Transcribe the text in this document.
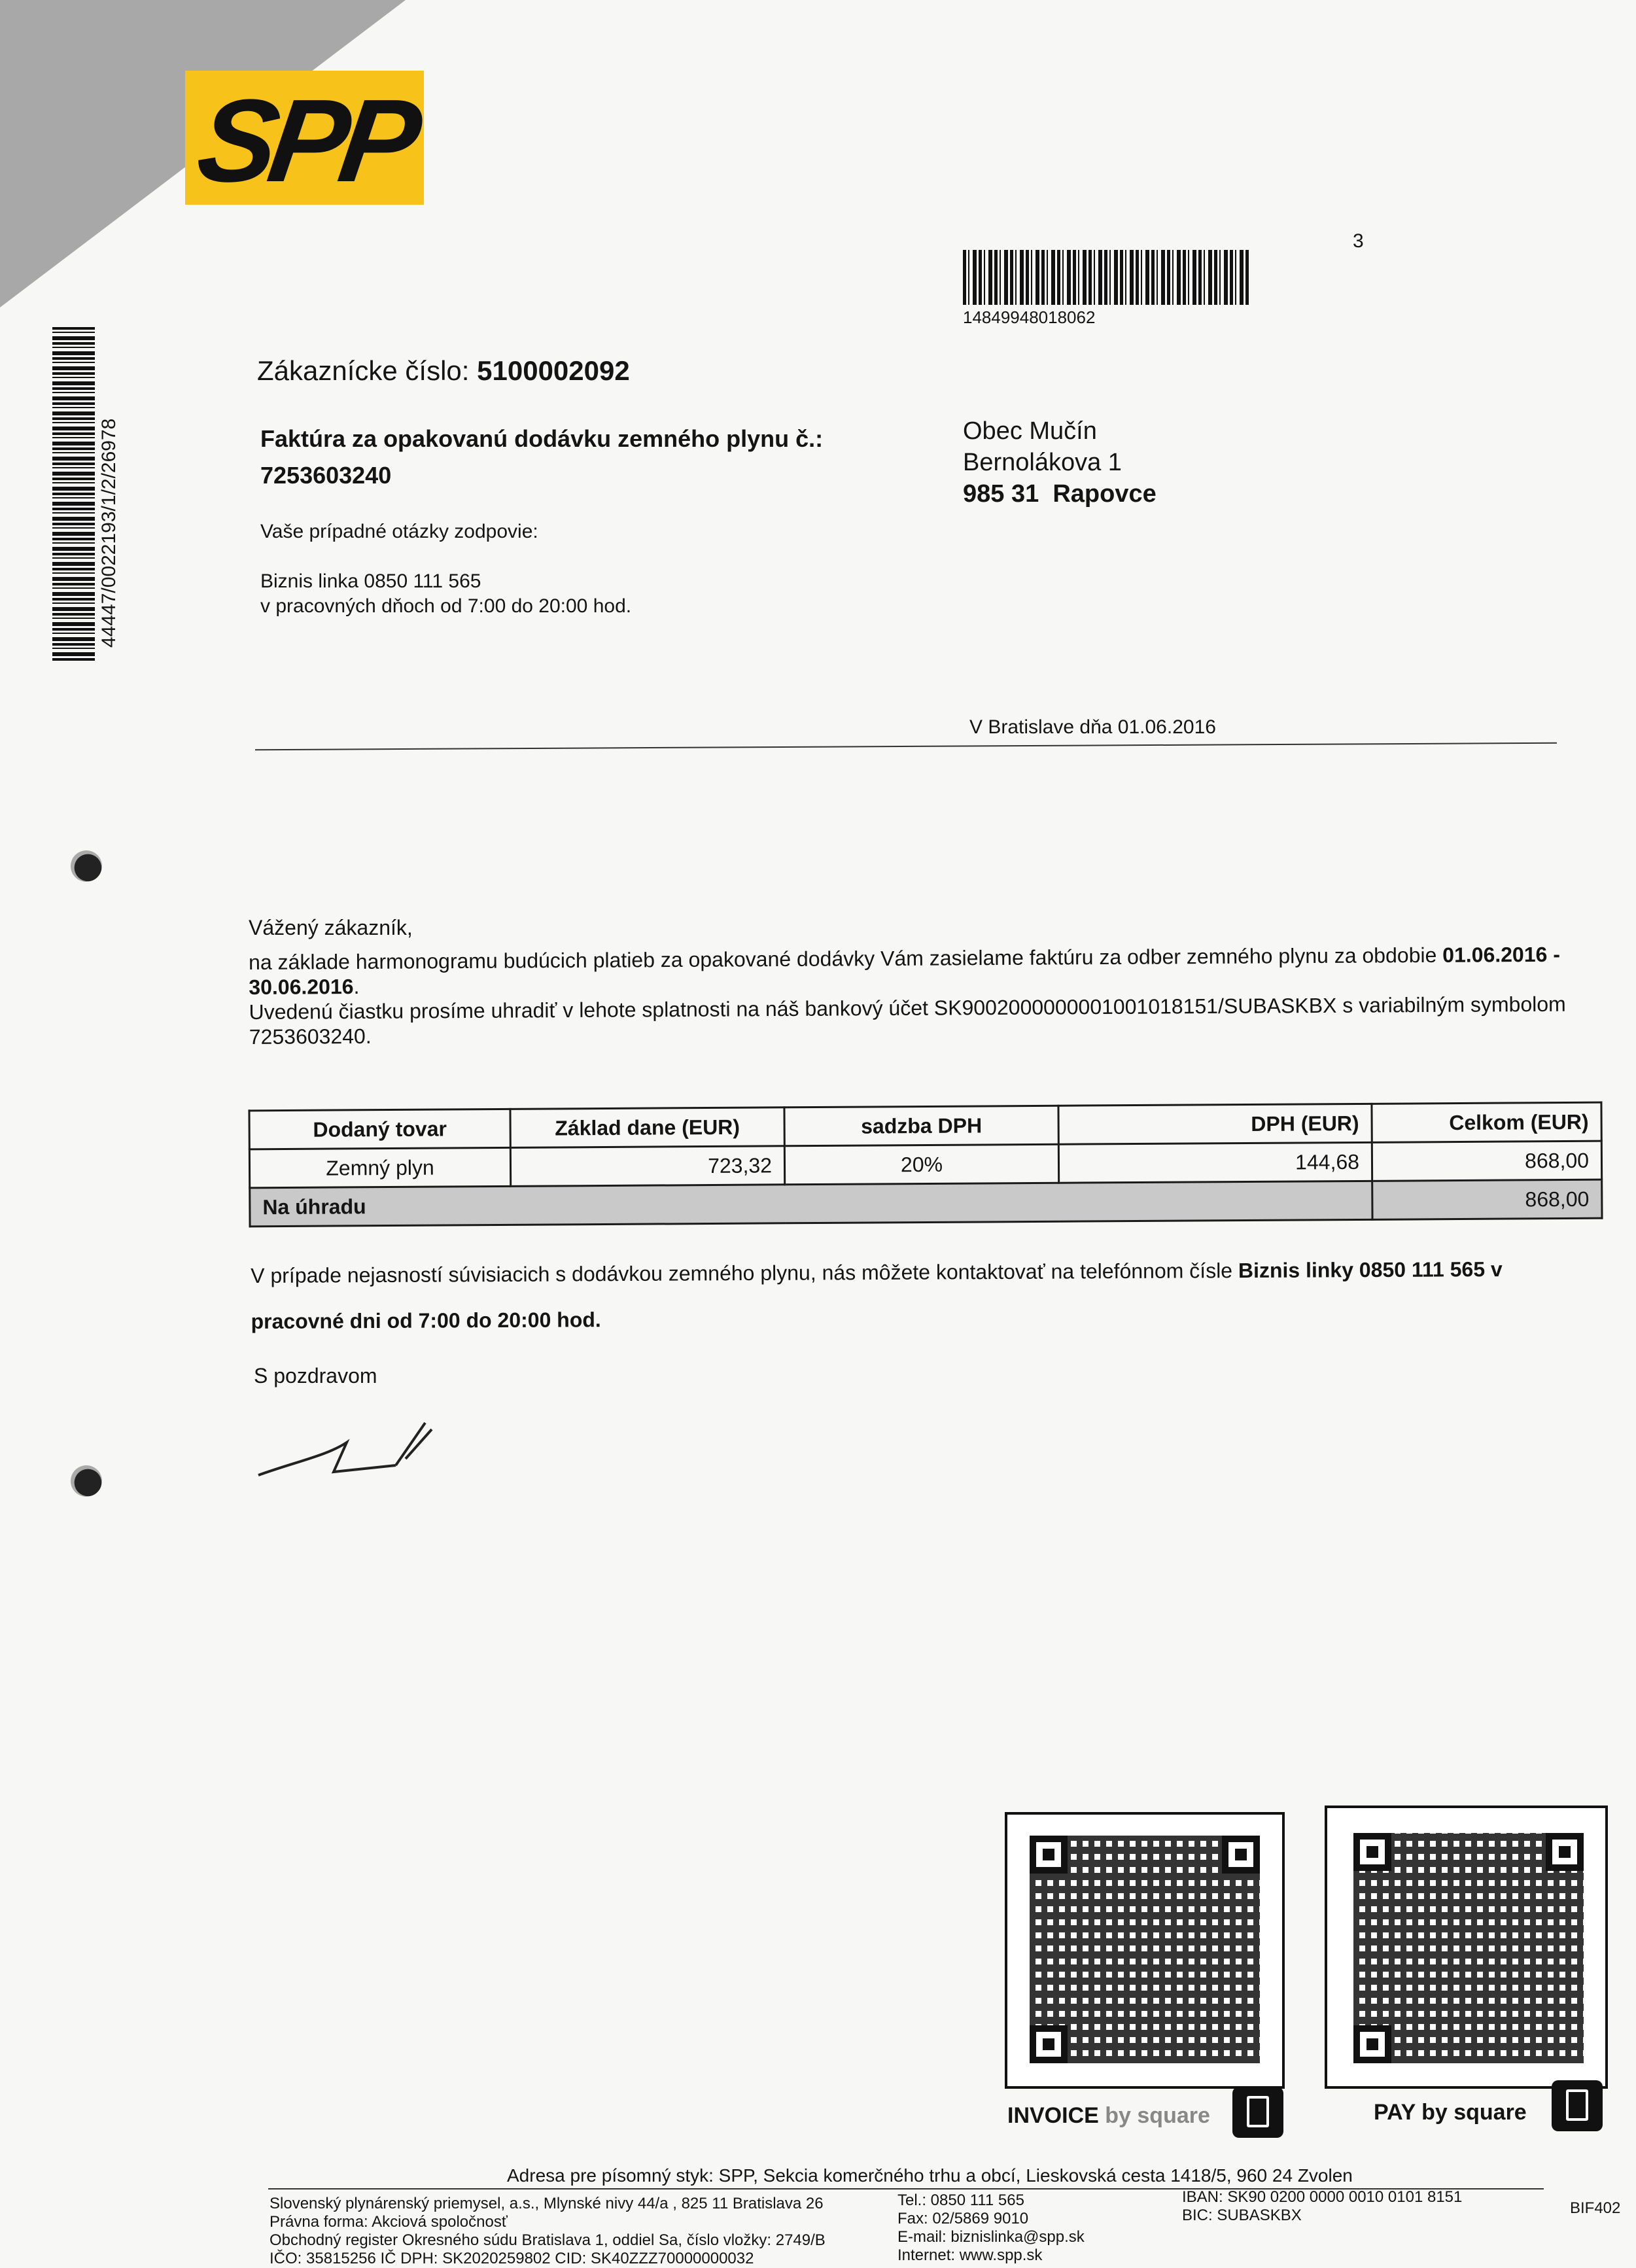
SPP
3
14849948018062
44447/0022193/1/2/26978
Zákaznícke číslo: 5100002092
Faktúra za opakovanú dodávku zemného plynu č.:
7253603240
Vaše prípadné otázky zodpovie:
Biznis linka 0850 111 565
v pracovných dňoch od 7:00 do 20:00 hod.
Obec Mučín
Bernolákova 1
985 31 Rapovce
V Bratislave dňa 01.06.2016
Vážený zákazník,
na základe harmonogramu budúcich platieb za opakované dodávky Vám zasielame faktúru za odber zemného plynu za obdobie 01.06.2016 - 30.06.2016.
Uvedenú čiastku prosíme uhradiť v lehote splatnosti na náš bankový účet SK9002000000001001018151/SUBASKBX s variabilným symbolom
7253603240.
Dodaný tovar	Základ dane (EUR)	sadzba DPH	DPH (EUR)	Celkom (EUR)
Zemný plyn	723,32	20%	144,68	868,00
Na úhradu				868,00
V prípade nejasností súvisiacich s dodávkou zemného plynu, nás môžete kontaktovať na telefónnom čísle Biznis linky 0850 111 565 v
pracovné dni od 7:00 do 20:00 hod.
S pozdravom
INVOICE by square	PAY by square
Adresa pre písomný styk: SPP, Sekcia komerčného trhu a obcí, Lieskovská cesta 1418/5, 960 24 Zvolen
Slovenský plynárenský priemysel, a.s., Mlynské nivy 44/a , 825 11 Bratislava 26
Právna forma: Akciová spoločnosť
Obchodný register Okresného súdu Bratislava 1, oddiel Sa, číslo vložky: 2749/B
IČO: 35815256 IČ DPH: SK2020259802 CID: SK40ZZZ70000000032
Tel.: 0850 111 565
Fax: 02/5869 9010
E-mail: biznislinka@spp.sk
Internet: www.spp.sk
IBAN: SK90 0200 0000 0010 0101 8151
BIC: SUBASKBX	BIF402
